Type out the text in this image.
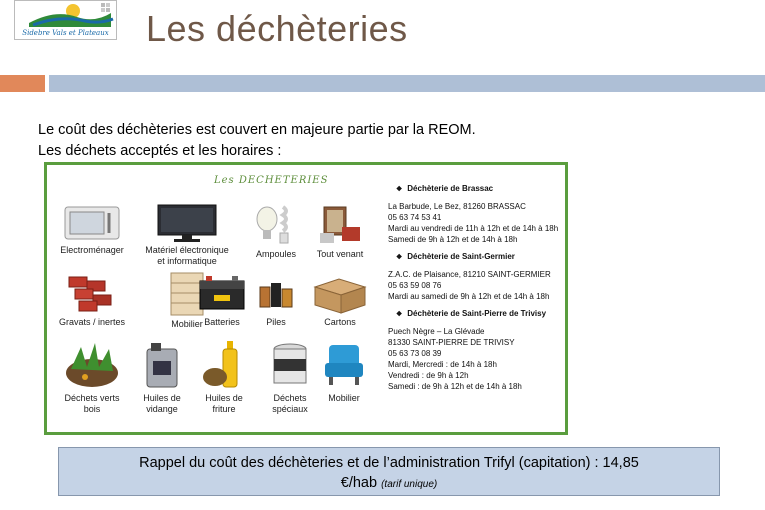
Sidebre Vals et Plateaux Les déchèteries
Le coût des déchèteries est couvert en majeure partie par la REOM.
Les déchets acceptés et les horaires :
Les DECHETERIES
Electroménager	Matériel électronique
et informatique
Ampoules	Tout venant
Gravats / inertes	Mobilier Batteries	Piles	Cartons
Déchets verts
bois
Huiles de
vidange
Huiles de
friture
Déchets
spéciaux
Mobilier
❖ Déchèterie de Brassac
La Barbude, Le Bez, 81260 BRASSAC
05 63 74 53 41
Mardi au vendredi de 11h à 12h et de 14h à 18h
Samedi de 9h à 12h et de 14h à 18h
❖ Déchèterie de Saint-Germier
Z.A.C. de Plaisance, 81210 SAINT-GERMIER
05 63 59 08 76
Mardi au samedi de 9h à 12h et de 14h à 18h
❖ Déchèterie de Saint-Pierre de Trivisy
Puech Nègre – La Glévade
81330 SAINT-PIERRE DE TRIVISY
05 63 73 08 39
Mardi, Mercredi : de 14h à 18h
Vendredi : de 9h à 12h
Samedi : de 9h à 12h et de 14h à 18h
Rappel du coût des déchèteries et de l’administration Trifyl (capitation) : 14,85
€/hab (tarif unique)
